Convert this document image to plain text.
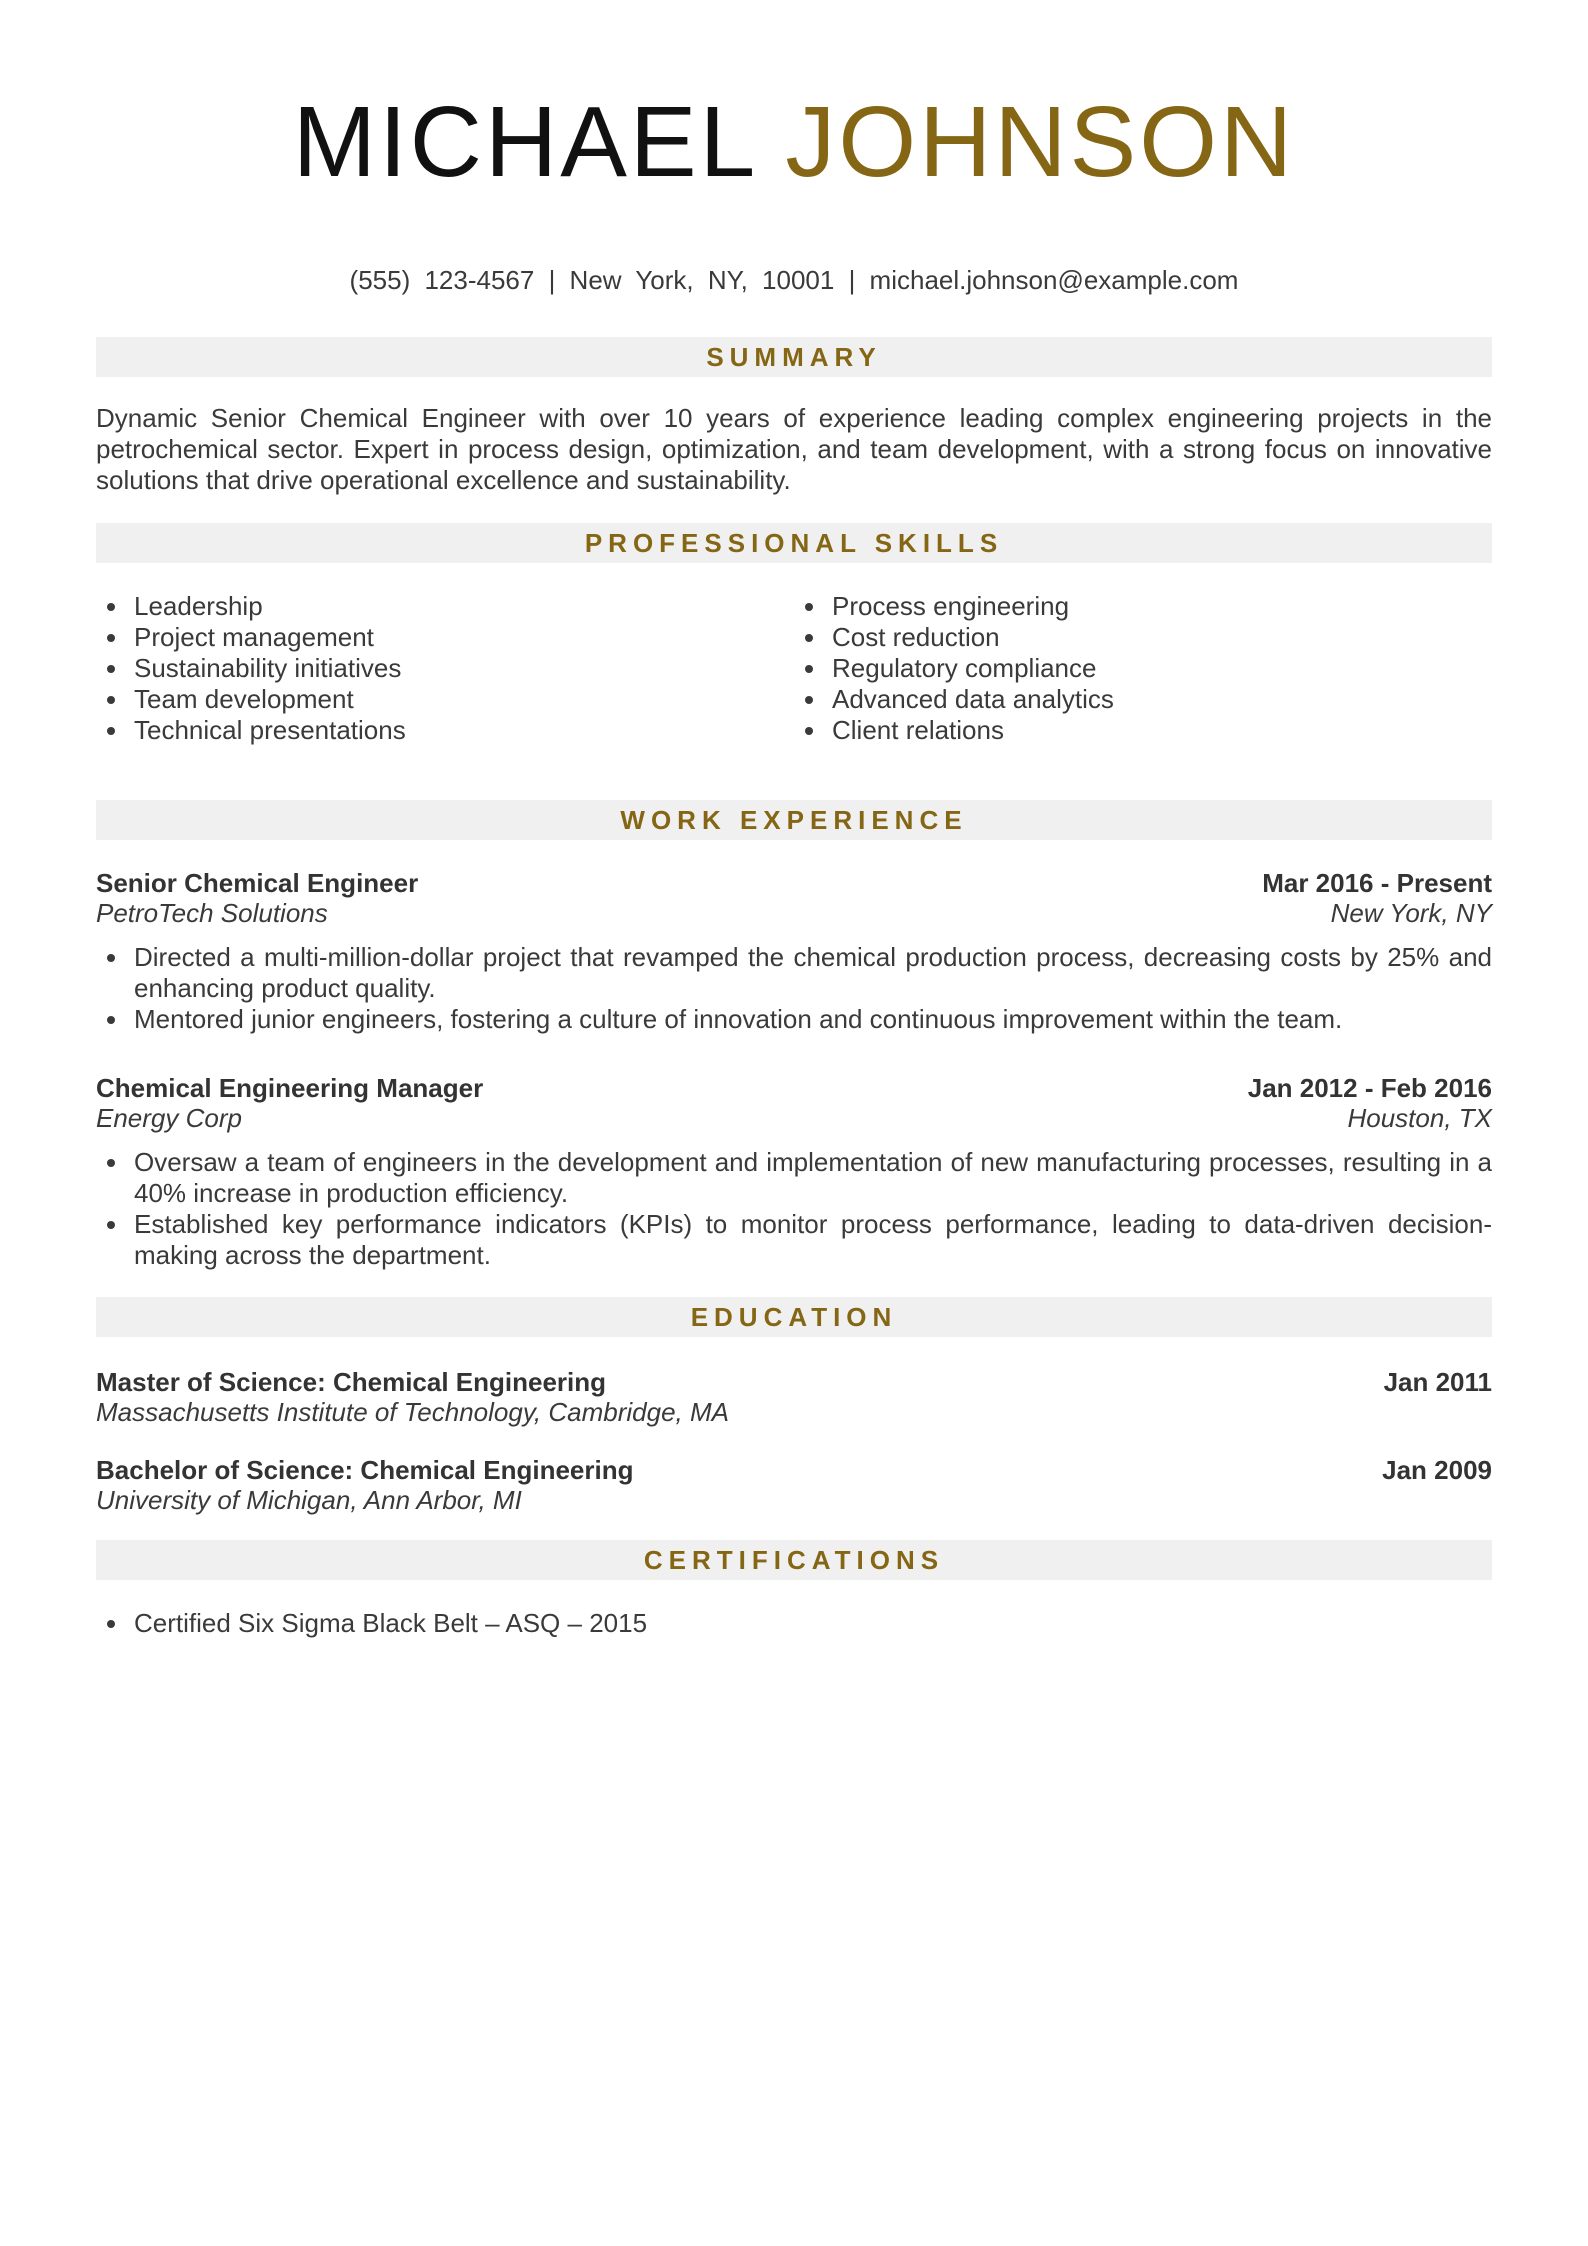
MICHAEL JOHNSON
(555) 123-4567 | New York, NY, 10001 | michael.johnson@example.com
SUMMARY
Dynamic Senior Chemical Engineer with over 10 years of experience leading complex engineering projects in the petrochemical sector. Expert in process design, optimization, and team development, with a strong focus on innovative solutions that drive operational excellence and sustainability.
PROFESSIONAL SKILLS
• Leadership
• Project management
• Sustainability initiatives
• Team development
• Technical presentations
• Process engineering
• Cost reduction
• Regulatory compliance
• Advanced data analytics
• Client relations
WORK EXPERIENCE
Senior Chemical Engineer	Mar 2016 - Present
PetroTech Solutions	New York, NY
• Directed a multi-million-dollar project that revamped the chemical production process, decreasing costs by 25% and enhancing product quality.
• Mentored junior engineers, fostering a culture of innovation and continuous improvement within the team.
Chemical Engineering Manager	Jan 2012 - Feb 2016
Energy Corp	Houston, TX
• Oversaw a team of engineers in the development and implementation of new manufacturing processes, resulting in a 40% increase in production efficiency.
• Established key performance indicators (KPIs) to monitor process performance, leading to data-driven decision-making across the department.
EDUCATION
Master of Science: Chemical Engineering	Jan 2011
Massachusetts Institute of Technology, Cambridge, MA
Bachelor of Science: Chemical Engineering	Jan 2009
University of Michigan, Ann Arbor, MI
CERTIFICATIONS
• Certified Six Sigma Black Belt – ASQ – 2015
